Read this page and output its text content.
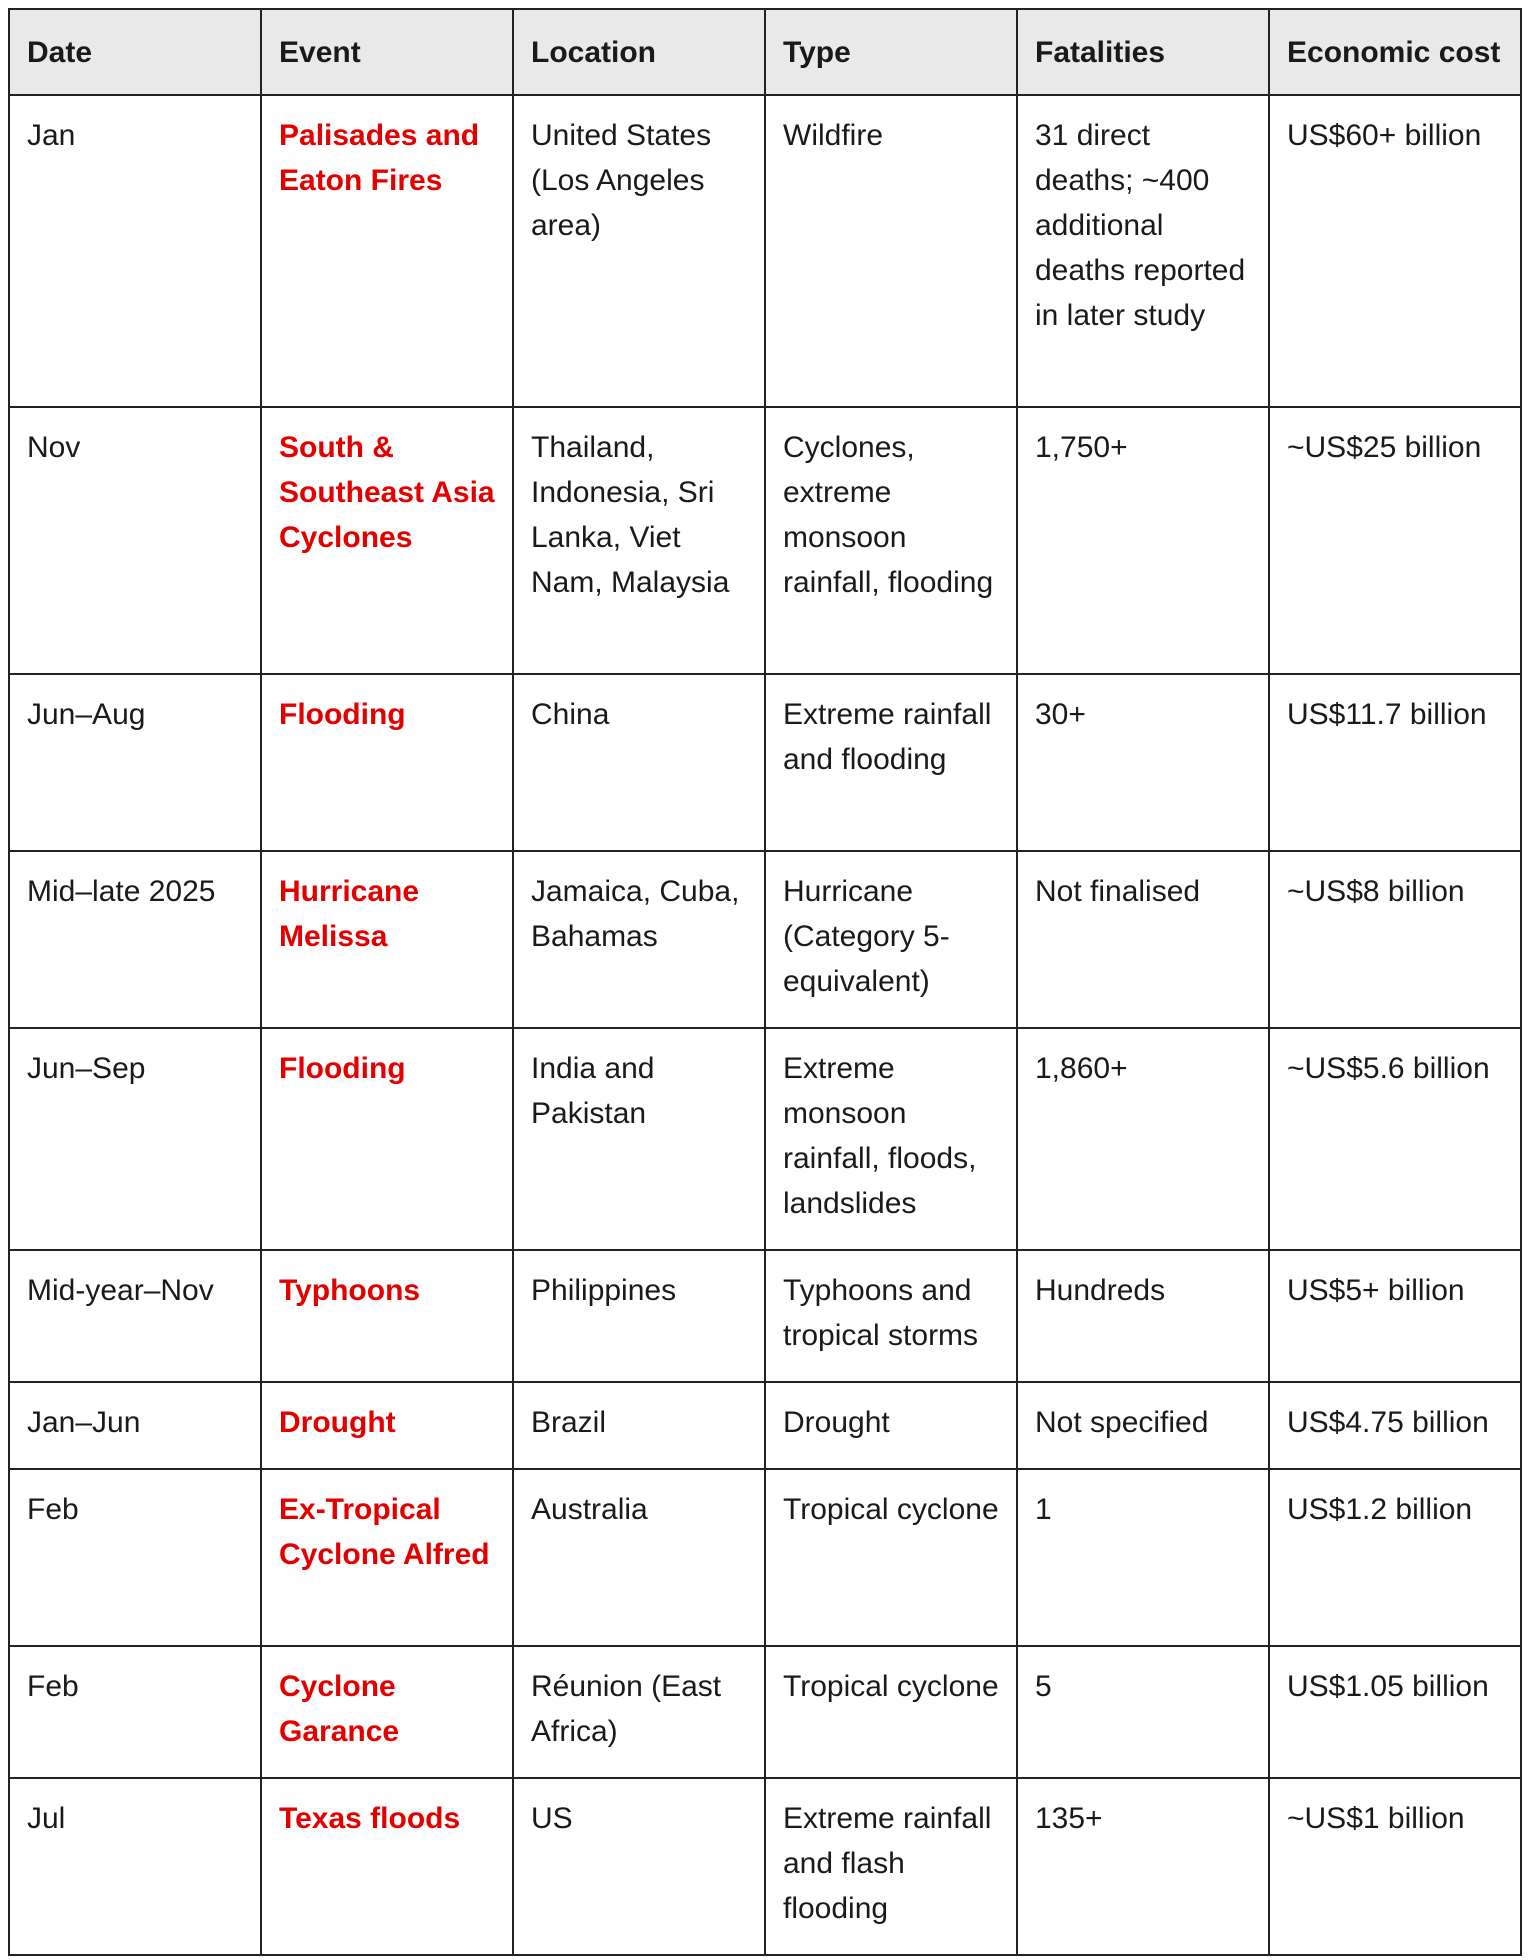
Date	Event	Location	Type	Fatalities	Economic cost
Jan	Palisades and Eaton Fires	United States (Los Angeles area)	Wildfire	31 direct deaths; ~400 additional deaths reported in later study	US$60+ billion
Nov	South & Southeast Asia Cyclones	Thailand, Indonesia, Sri Lanka, Viet Nam, Malaysia	Cyclones, extreme monsoon rainfall, flooding	1,750+	~US$25 billion
Jun–Aug	Flooding	China	Extreme rainfall and flooding	30+	US$11.7 billion
Mid–late 2025	Hurricane Melissa	Jamaica, Cuba, Bahamas	Hurricane (Category 5-equivalent)	Not finalised	~US$8 billion
Jun–Sep	Flooding	India and Pakistan	Extreme monsoon rainfall, floods, landslides	1,860+	~US$5.6 billion
Mid-year–Nov	Typhoons	Philippines	Typhoons and tropical storms	Hundreds	US$5+ billion
Jan–Jun	Drought	Brazil	Drought	Not specified	US$4.75 billion
Feb	Ex-Tropical Cyclone Alfred	Australia	Tropical cyclone	1	US$1.2 billion
Feb	Cyclone Garance	Réunion (East Africa)	Tropical cyclone	5	US$1.05 billion
Jul	Texas floods	US	Extreme rainfall and flash flooding	135+	~US$1 billion
